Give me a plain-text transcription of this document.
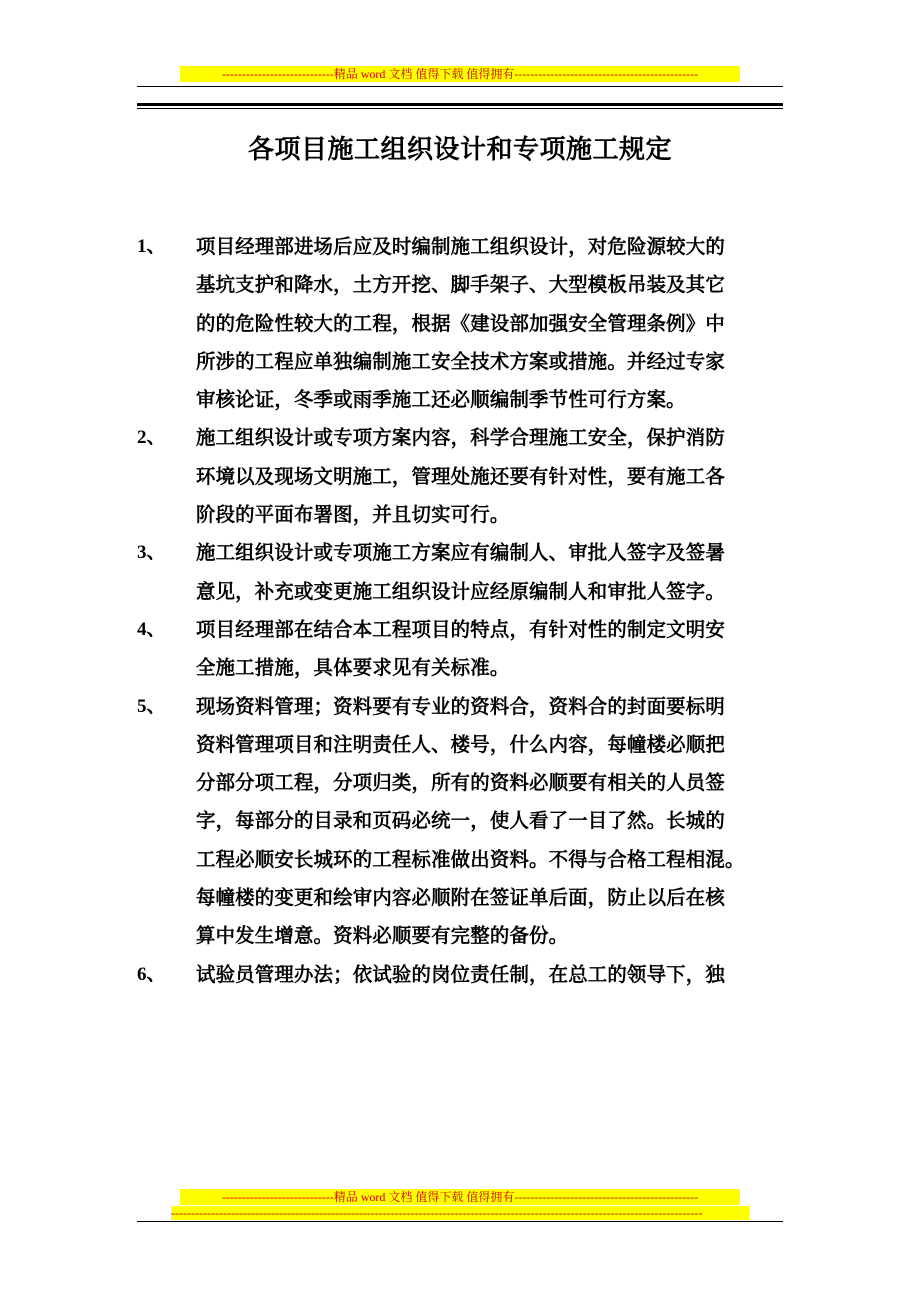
----------------------------精品 word 文档 值得下载 值得拥有----------------------------------------------
各项目施工组织设计和专项施工规定
1、	项目经理部进场后应及时编制施工组织设计，对危险源较大的
基坑支护和降水，土方开挖、脚手架子、大型模板吊装及其它
的的危险性较大的工程，根据《建设部加强安全管理条例》中
所涉的工程应单独编制施工安全技术方案或措施。并经过专家
审核论证，冬季或雨季施工还必顺编制季节性可行方案。
2、	施工组织设计或专项方案内容，科学合理施工安全，保护消防
环境以及现场文明施工，管理处施还要有针对性，要有施工各
阶段的平面布署图，并且切实可行。
3、	施工组织设计或专项施工方案应有编制人、审批人签字及签暑
意见，补充或变更施工组织设计应经原编制人和审批人签字。
4、	项目经理部在结合本工程项目的特点，有针对性的制定文明安
全施工措施，具体要求见有关标准。
5、	现场资料管理；资料要有专业的资料合，资料合的封面要标明
资料管理项目和注明责任人、楼号，什么内容，每幢楼必顺把
分部分项工程，分项归类，所有的资料必顺要有相关的人员签
字，每部分的目录和页码必统一，使人看了一目了然。长城的
工程必顺安长城环的工程标准做出资料。不得与合格工程相混。
每幢楼的变更和绘审内容必顺附在签证单后面，防止以后在核
算中发生增意。资料必顺要有完整的备份。
6、	试验员管理办法；依试验的岗位责任制，在总工的领导下，独
----------------------------精品 word 文档 值得下载 值得拥有----------------------------------------------
-------------------------------------------------------------------------------------------------------------------------------------
